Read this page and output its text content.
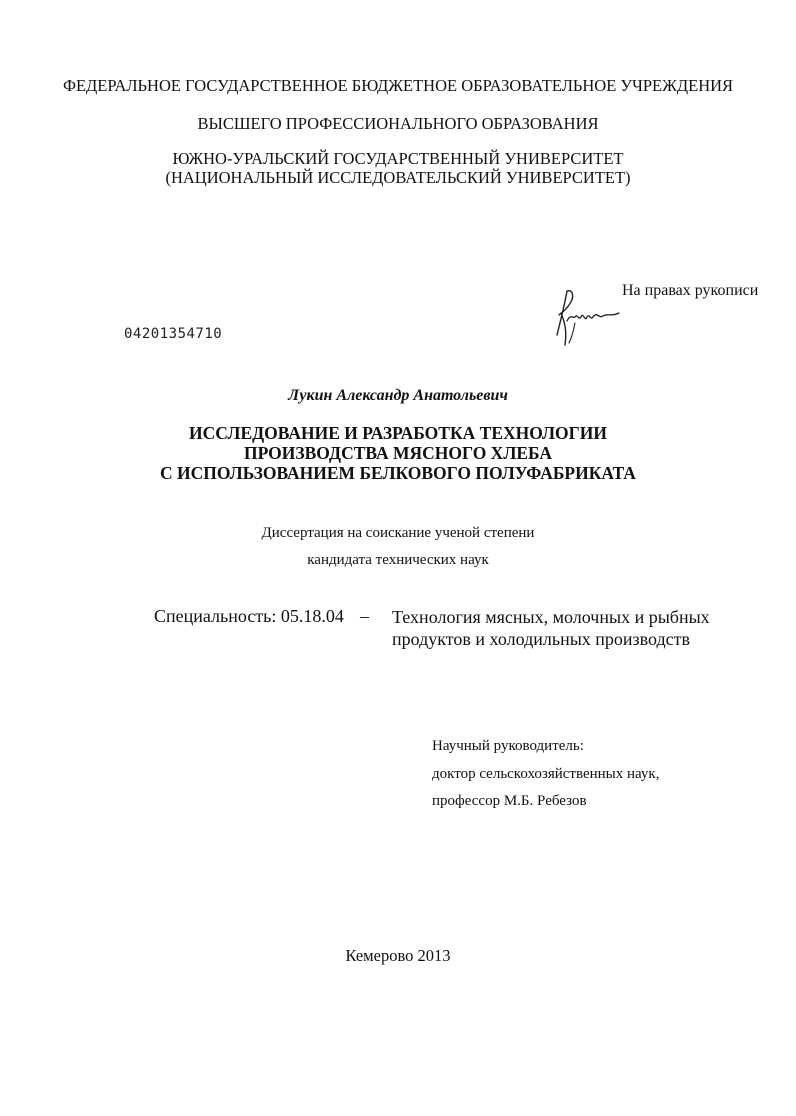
ФЕДЕРАЛЬНОЕ ГОСУДАРСТВЕННОЕ БЮДЖЕТНОЕ ОБРАЗОВАТЕЛЬНОЕ УЧРЕЖДЕНИЯ
ВЫСШЕГО ПРОФЕССИОНАЛЬНОГО ОБРАЗОВАНИЯ
ЮЖНО-УРАЛЬСКИЙ ГОСУДАРСТВЕННЫЙ УНИВЕРСИТЕТ
(НАЦИОНАЛЬНЫЙ ИССЛЕДОВАТЕЛЬСКИЙ УНИВЕРСИТЕТ)
На правах рукописи
04201354710
Лукин Александр Анатольевич
ИССЛЕДОВАНИЕ И РАЗРАБОТКА ТЕХНОЛОГИИ
ПРОИЗВОДСТВА МЯСНОГО ХЛЕБА
С ИСПОЛЬЗОВАНИЕМ БЕЛКОВОГО ПОЛУФАБРИКАТА
Диссертация на соискание ученой степени
кандидата технических наук
Специальность: 05.18.04 – Технология мясных, молочных и рыбных
продуктов и холодильных производств
Научный руководитель:
доктор сельскохозяйственных наук,
профессор М.Б. Ребезов
Кемерово 2013
